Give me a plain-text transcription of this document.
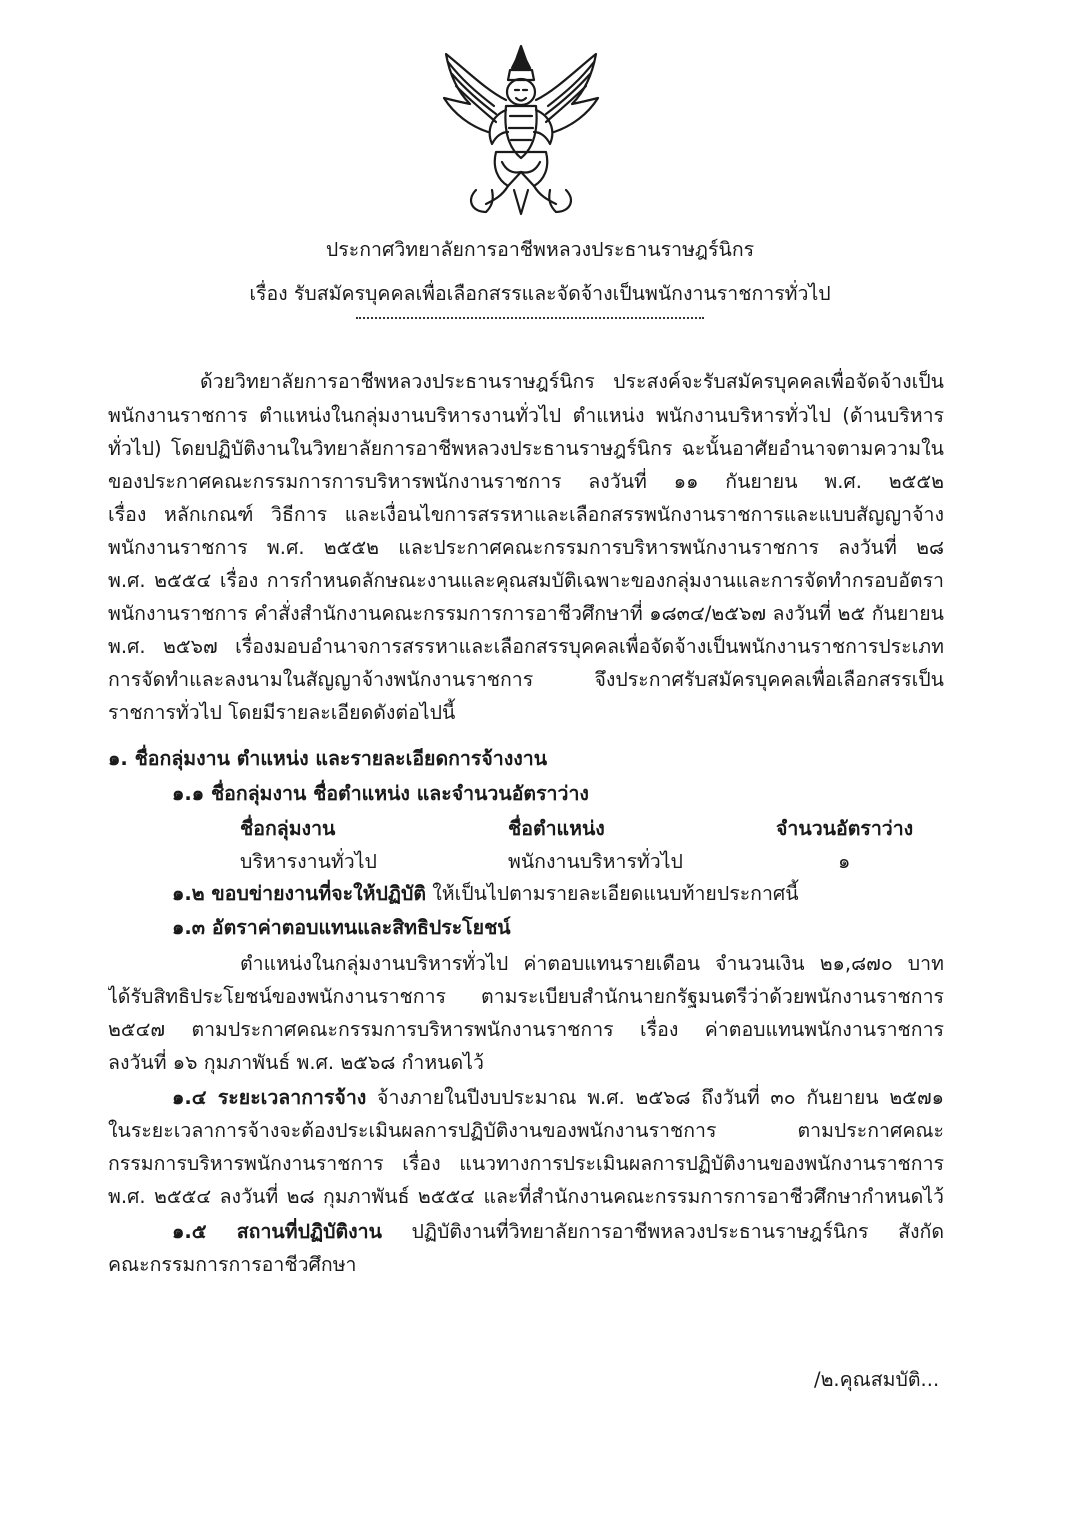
ประกาศวิทยาลัยการอาชีพหลวงประธานราษฎร์นิกร
เรื่อง รับสมัครบุคคลเพื่อเลือกสรรและจัดจ้างเป็นพนักงานราชการทั่วไป
ด้วยวิทยาลัยการอาชีพหลวงประธานราษฎร์นิกร ประสงค์จะรับสมัครบุคคลเพื่อจัดจ้างเป็น
พนักงานราชการ ตำแหน่งในกลุ่มงานบริหารงานทั่วไป ตำแหน่ง พนักงานบริหารทั่วไป (ด้านบริหาร
ทั่วไป) โดยปฏิบัติงานในวิทยาลัยการอาชีพหลวงประธานราษฎร์นิกร ฉะนั้นอาศัยอำนาจตามความใน
ของประกาศคณะกรรมการการบริหารพนักงานราชการ ลงวันที่ ๑๑ กันยายน พ.ศ. ๒๕๕๒
เรื่อง หลักเกณฑ์ วิธีการ และเงื่อนไขการสรรหาและเลือกสรรพนักงานราชการและแบบสัญญาจ้าง
พนักงานราชการ พ.ศ. ๒๕๕๒ และประกาศคณะกรรมการบริหารพนักงานราชการ ลงวันที่ ๒๘
พ.ศ. ๒๕๕๔ เรื่อง การกำหนดลักษณะงานและคุณสมบัติเฉพาะของกลุ่มงานและการจัดทำกรอบอัตรา
พนักงานราชการ คำสั่งสำนักงานคณะกรรมการการอาชีวศึกษาที่ ๑๘๓๔/๒๕๖๗ ลงวันที่ ๒๕ กันยายน
พ.ศ. ๒๕๖๗ เรื่องมอบอำนาจการสรรหาและเลือกสรรบุคคลเพื่อจัดจ้างเป็นพนักงานราชการประเภท
การจัดทำและลงนามในสัญญาจ้างพนักงานราชการ จึงประกาศรับสมัครบุคคลเพื่อเลือกสรรเป็น
ราชการทั่วไป โดยมีรายละเอียดดังต่อไปนี้
๑. ชื่อกลุ่มงาน ตำแหน่ง และรายละเอียดการจ้างงาน
๑.๑ ชื่อกลุ่มงาน ชื่อตำแหน่ง และจำนวนอัตราว่าง
ชื่อกลุ่มงาน	ชื่อตำแหน่ง	จำนวนอัตราว่าง
บริหารงานทั่วไป	พนักงานบริหารทั่วไป	๑
๑.๒ ขอบข่ายงานที่จะให้ปฏิบัติ ให้เป็นไปตามรายละเอียดแนบท้ายประกาศนี้
๑.๓ อัตราค่าตอบแทนและสิทธิประโยชน์
ตำแหน่งในกลุ่มงานบริหารทั่วไป ค่าตอบแทนรายเดือน จำนวนเงิน ๒๑,๘๗๐ บาท
ได้รับสิทธิประโยชน์ของพนักงานราชการ ตามระเบียบสำนักนายกรัฐมนตรีว่าด้วยพนักงานราชการ
๒๕๔๗ ตามประกาศคณะกรรมการบริหารพนักงานราชการ เรื่อง ค่าตอบแทนพนักงานราชการ
ลงวันที่ ๑๖ กุมภาพันธ์ พ.ศ. ๒๕๖๘ กำหนดไว้
๑.๔ ระยะเวลาการจ้าง จ้างภายในปีงบประมาณ พ.ศ. ๒๕๖๘ ถึงวันที่ ๓๐ กันยายน ๒๕๗๑
ในระยะเวลาการจ้างจะต้องประเมินผลการปฏิบัติงานของพนักงานราชการ ตามประกาศคณะ
กรรมการบริหารพนักงานราชการ เรื่อง แนวทางการประเมินผลการปฏิบัติงานของพนักงานราชการ
พ.ศ. ๒๕๕๔ ลงวันที่ ๒๘ กุมภาพันธ์ ๒๕๕๔ และที่สำนักงานคณะกรรมการการอาชีวศึกษากำหนดไว้
๑.๕ สถานที่ปฏิบัติงาน ปฏิบัติงานที่วิทยาลัยการอาชีพหลวงประธานราษฎร์นิกร สังกัด
คณะกรรมการการอาชีวศึกษา
/๒.คุณสมบัติ...
